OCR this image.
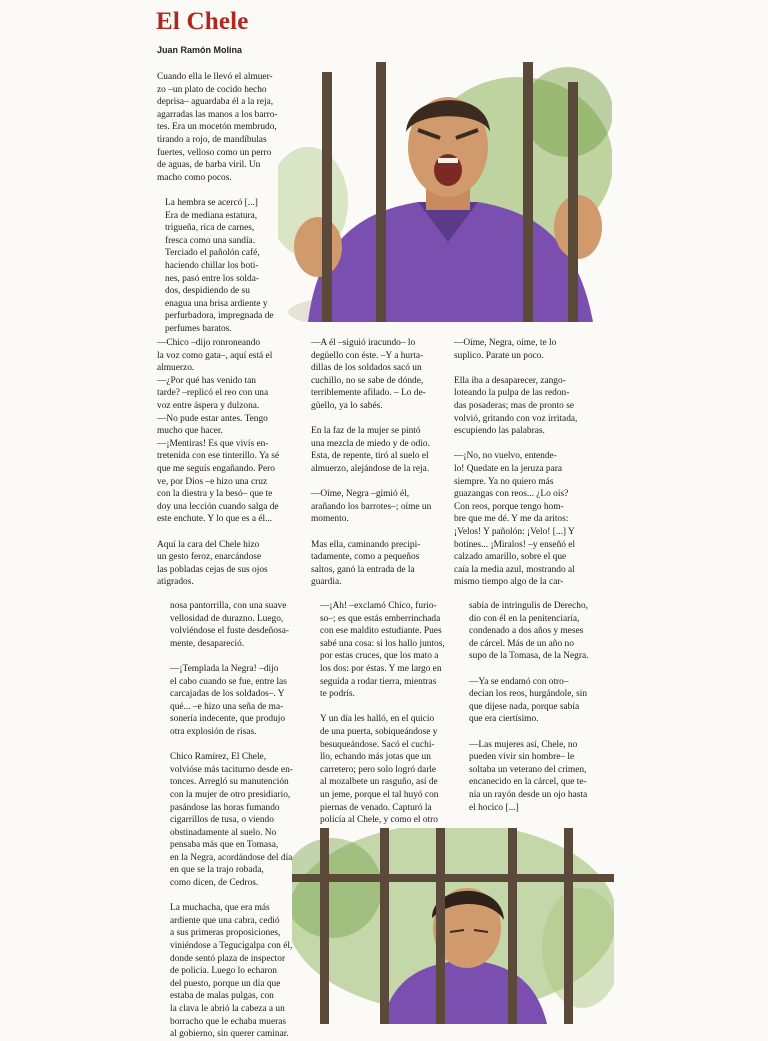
El Chele
Juan Ramón Molina

Cuando ella le llevó el almuer-
zo –un plato de cocido hecho
deprisa– aguardaba él a la reja,
agarradas las manos a los barro-
tes. Era un mocetón membrudo,
tirando a rojo, de mandíbulas
fuertes, velloso como un perro
de aguas, de barba viril. Un
macho como pocos.

La hembra se acercó [...]
Era de mediana estatura,
trigueña, rica de carnes,
fresca como una sandía.
Terciado el pañolón café,
haciendo chillar los boti-
nes, pasó entre los solda-
dos, despidiendo de su
enagua una brisa ardiente y
perfurbadora, impregnada de
perfumes baratos.

—Chico –dijo ronroneando
la voz como gata–, aquí está el
almuerzo.
—¿Por qué has venido tan
tarde? –replicó el reo con una
voz entre áspera y dulzona.
—No pude estar antes. Tengo
mucho que hacer.
—¡Mentiras! Es que vivís en-
tretenida con ese tinterillo. Ya sé
que me seguís engañando. Pero
ve, por Dios –e hizo una cruz
con la diestra y la besó– que te
doy una lección cuando salga de
este enchute. Y lo que es a él...

Aquí la cara del Chele hizo
un gesto feroz, enarcándose
las pobladas cejas de sus ojos
atigrados.

—A él –siguió iracundo– lo
degüello con éste. –Y a hurta-
dillas de los soldados sacó un
cuchillo, no se sabe de dónde,
terriblemente afilado. – Lo de-
güello, ya lo sabés.

En la faz de la mujer se pintó
una mezcla de miedo y de odio.
Esta, de repente, tiró al suelo el
almuerzo, alejándose de la reja.

—Oíme, Negra –gimió él,
arañando los barrotes–; oíme un
momento.

Mas ella, caminando precipi-
tadamente, como a pequeños
saltos, ganó la entrada de la
guardia.

—Oíme, Negra, oíme, te lo
suplico. Parate un poco.

Ella iba a desaparecer, zango-
loteando la pulpa de las redon-
das posaderas; mas de pronto se
volvió, gritando con voz irritada,
escupiendo las palabras.

—¡No, no vuelvo, entende-
lo! Quedate en la jeruza para
siempre. Ya no quiero más
guazangas con reos... ¿Lo oís?
Con reos, porque tengo hom-
bre que me dé. Y me da aritos:
¡Velos! Y pañolón: ¡Velo! [...] Y
botines... ¡Miralos! –y enseñó el
calzado amarillo, sobre el que
caía la media azul, mostrando al
mismo tiempo algo de la car-

nosa pantorrilla, con una suave
vellosidad de durazno. Luego,
volviéndose el fuste desdeñosa-
mente, desapareció.

—¡Templada la Negra! –dijo
el cabo cuando se fue, entre las
carcajadas de los soldados–. Y
qué... –e hizo una seña de ma-
sonería indecente, que produjo
otra explosión de risas.

Chico Ramírez, El Chele,
volvióse más taciturno desde en-
tonces. Arregló su manutención
con la mujer de otro presidiario,
pasándose las horas fumando
cigarrillos de tusa, o viendo
obstinadamente al suelo. No
pensaba más que en Tomasa,
en la Negra, acordándose del día
en que se la trajo robada,
como dicen, de Cedros.

La muchacha, que era más
ardiente que una cabra, cedió
a sus primeras proposiciones,
viniéndose a Tegucigalpa con él,
donde sentó plaza de inspector
de policía. Luego lo echaron
del puesto, porque un día que
estaba de malas pulgas, con
la clava le abrió la cabeza a un
borracho que le echaba mueras
al gobierno, sin querer caminar.

—¡Ah! –exclamó Chico, furio-
so–; es que estás emberrinchada
con ese maldito estudiante. Pues
sabé una cosa: si los hallo juntos,
por estas cruces, que los mato a
los dos: por éstas. Y me largo en
seguida a rodar tierra, mientras
te podrís.

Y un día les halló, en el quicio
de una puerta, sobiqueándose y
besuqueándose. Sacó el cuchi-
llo, echando más jotas que un
carretero; pero solo logró darle
al mozalbete un rasguño, así de
un jeme, porque el tal huyó con
piernas de venado. Capturó la
policía al Chele, y como el otro

sabía de intríngulis de Derecho,
dio con él en la penitenciaría,
condenado a dos años y meses
de cárcel. Más de un año no
supo de la Tomasa, de la Negra.

—Ya se endamó con otro–
decían los reos, hurgándole, sin
que dijese nada, porque sabía
que era ciertísimo.

—Las mujeres así, Chele, no
pueden vivir sin hombre– le
soltaba un veterano del crimen,
encanecido en la cárcel, que te-
nía un rayón desde un ojo hasta
el hocico [...]
